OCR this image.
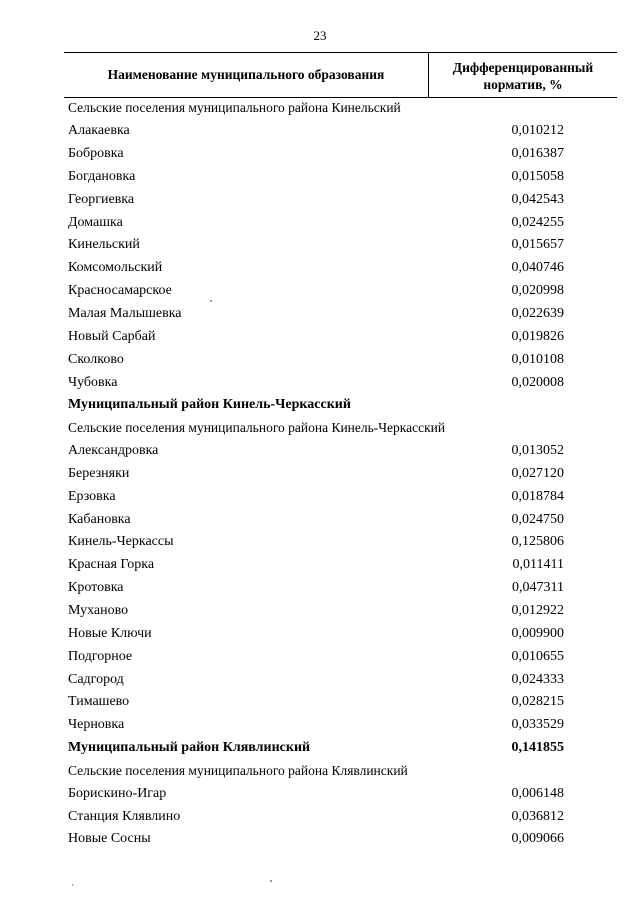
23
Наименование муниципального образования	Дифференцированный
норматив, %
Сельские поселения муниципального района Кинельский
Алакаевка	0,010212
Бобровка	0,016387
Богдановка	0,015058
Георгиевка	0,042543
Домашка	0,024255
Кинельский	0,015657
Комсомольский	0,040746
Красносамарское	0,020998
Малая Малышевка	0,022639
Новый Сарбай	0,019826
Сколково	0,010108
Чубовка	0,020008
Муниципальный район Кинель-Черкасский
Сельские поселения муниципального района Кинель-Черкасский
Александровка	0,013052
Березняки	0,027120
Ерзовка	0,018784
Кабановка	0,024750
Кинель-Черкассы	0,125806
Красная Горка	0,011411
Кротовка	0,047311
Муханово	0,012922
Новые Ключи	0,009900
Подгорное	0,010655
Садгород	0,024333
Тимашево	0,028215
Черновка	0,033529
Муниципальный район Клявлинский	0,141855
Сельские поселения муниципального района Клявлинский
Борискино-Игар	0,006148
Станция Клявлино	0,036812
Новые Сосны	0,009066
